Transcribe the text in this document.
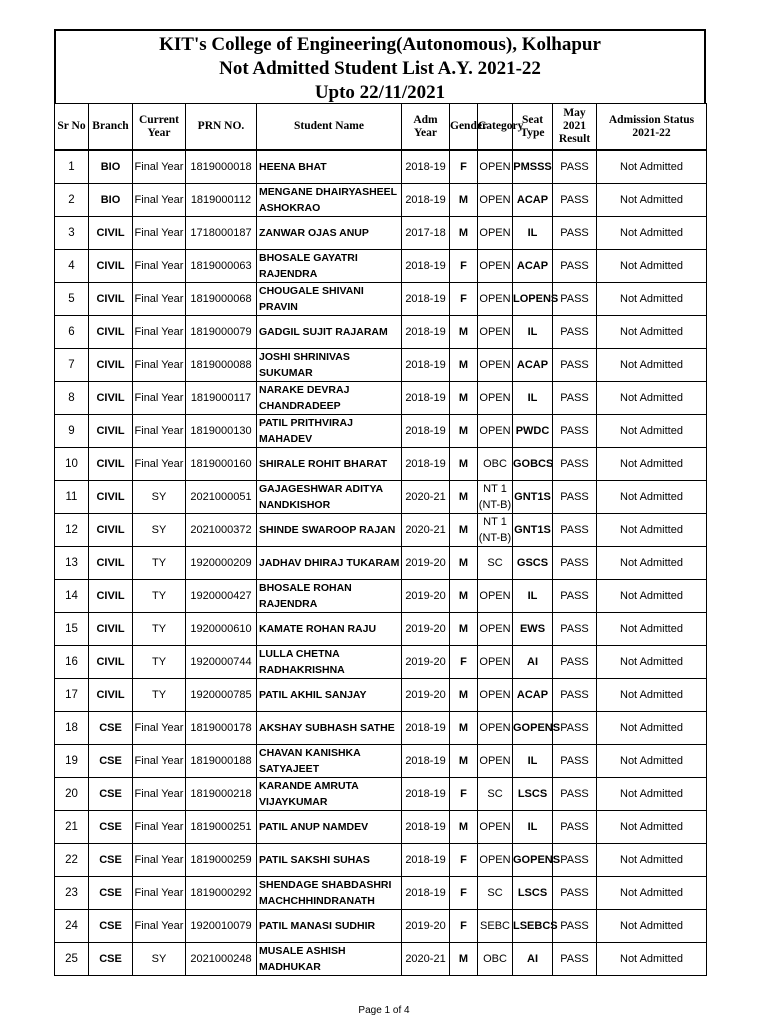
KIT's College of Engineering(Autonomous), Kolhapur
Not Admitted Student List A.Y. 2021-22
Upto 22/11/2021
Sr No	Branch	Current Year	PRN NO.	Student Name	Adm Year	Gender	Category	Seat Type	May 2021 Result	Admission Status 2021-22
1	BIO	Final Year	1819000018	HEENA BHAT	2018-19	F	OPEN	PMSSS	PASS	Not Admitted
2	BIO	Final Year	1819000112	MENGANE DHAIRYASHEEL ASHOKRAO	2018-19	M	OPEN	ACAP	PASS	Not Admitted
3	CIVIL	Final Year	1718000187	ZANWAR OJAS ANUP	2017-18	M	OPEN	IL	PASS	Not Admitted
4	CIVIL	Final Year	1819000063	BHOSALE GAYATRI RAJENDRA	2018-19	F	OPEN	ACAP	PASS	Not Admitted
5	CIVIL	Final Year	1819000068	CHOUGALE SHIVANI PRAVIN	2018-19	F	OPEN	LOPENS	PASS	Not Admitted
6	CIVIL	Final Year	1819000079	GADGIL SUJIT RAJARAM	2018-19	M	OPEN	IL	PASS	Not Admitted
7	CIVIL	Final Year	1819000088	JOSHI SHRINIVAS SUKUMAR	2018-19	M	OPEN	ACAP	PASS	Not Admitted
8	CIVIL	Final Year	1819000117	NARAKE DEVRAJ CHANDRADEEP	2018-19	M	OPEN	IL	PASS	Not Admitted
9	CIVIL	Final Year	1819000130	PATIL PRITHVIRAJ MAHADEV	2018-19	M	OPEN	PWDC	PASS	Not Admitted
10	CIVIL	Final Year	1819000160	SHIRALE ROHIT BHARAT	2018-19	M	OBC	GOBCS	PASS	Not Admitted
11	CIVIL	SY	2021000051	GAJAGESHWAR ADITYA NANDKISHOR	2020-21	M	NT 1 (NT-B)	GNT1S	PASS	Not Admitted
12	CIVIL	SY	2021000372	SHINDE SWAROOP RAJAN	2020-21	M	NT 1 (NT-B)	GNT1S	PASS	Not Admitted
13	CIVIL	TY	1920000209	JADHAV DHIRAJ TUKARAM	2019-20	M	SC	GSCS	PASS	Not Admitted
14	CIVIL	TY	1920000427	BHOSALE ROHAN RAJENDRA	2019-20	M	OPEN	IL	PASS	Not Admitted
15	CIVIL	TY	1920000610	KAMATE ROHAN RAJU	2019-20	M	OPEN	EWS	PASS	Not Admitted
16	CIVIL	TY	1920000744	LULLA CHETNA RADHAKRISHNA	2019-20	F	OPEN	AI	PASS	Not Admitted
17	CIVIL	TY	1920000785	PATIL AKHIL SANJAY	2019-20	M	OPEN	ACAP	PASS	Not Admitted
18	CSE	Final Year	1819000178	AKSHAY SUBHASH SATHE	2018-19	M	OPEN	GOPENS	PASS	Not Admitted
19	CSE	Final Year	1819000188	CHAVAN KANISHKA SATYAJEET	2018-19	M	OPEN	IL	PASS	Not Admitted
20	CSE	Final Year	1819000218	KARANDE AMRUTA VIJAYKUMAR	2018-19	F	SC	LSCS	PASS	Not Admitted
21	CSE	Final Year	1819000251	PATIL ANUP NAMDEV	2018-19	M	OPEN	IL	PASS	Not Admitted
22	CSE	Final Year	1819000259	PATIL SAKSHI SUHAS	2018-19	F	OPEN	GOPENS	PASS	Not Admitted
23	CSE	Final Year	1819000292	SHENDAGE SHABDASHRI MACHCHHINDRANATH	2018-19	F	SC	LSCS	PASS	Not Admitted
24	CSE	Final Year	1920010079	PATIL MANASI SUDHIR	2019-20	F	SEBC	LSEBCS	PASS	Not Admitted
25	CSE	SY	2021000248	MUSALE ASHISH MADHUKAR	2020-21	M	OBC	AI	PASS	Not Admitted
Page 1 of 4
